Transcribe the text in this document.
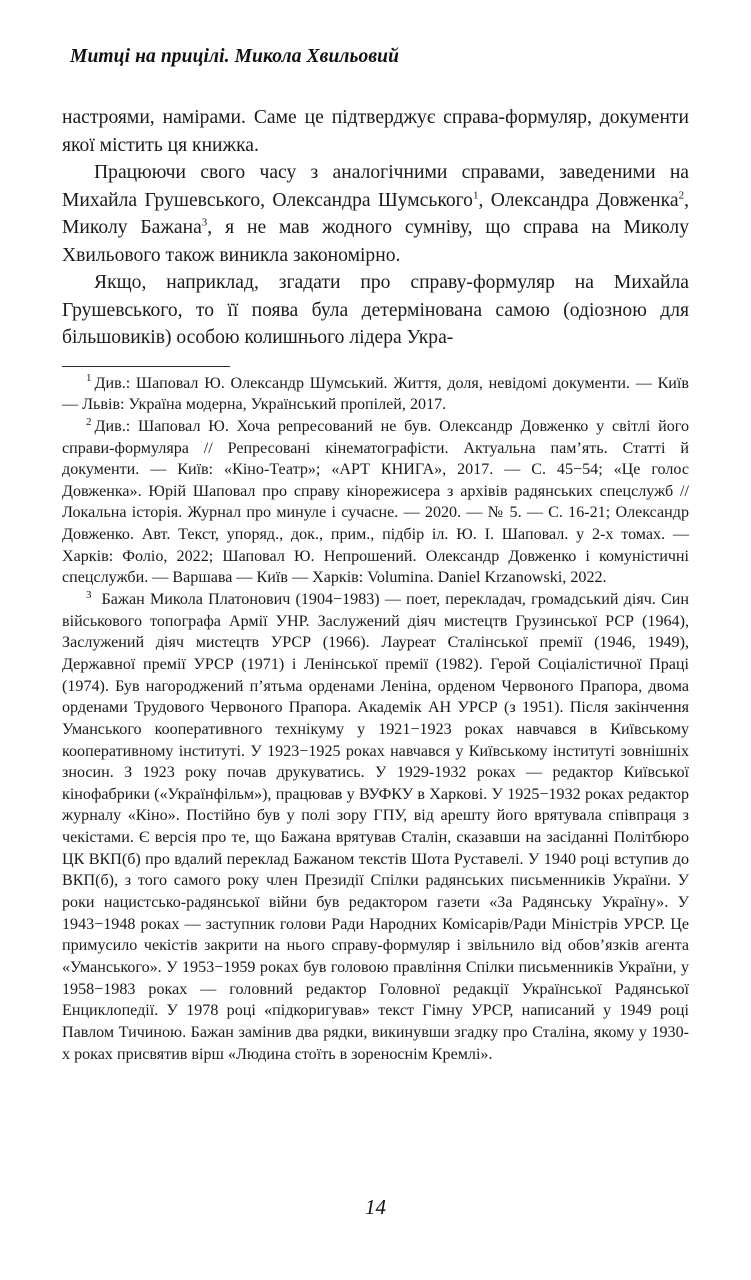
Митці на прицілі. Микола Хвильовий

настроями, намірами. Саме це підтверджує справа-формуляр, документи якої містить ця книжка.

Працюючи свого часу з аналогічними справами, заведеними на Михайла Грушевського, Олександра Шумського$^1$, Олександра Довженка$^2$, Миколу Бажана$^3$, я не мав жодного сумніву, що справа на Миколу Хвильового також виникла закономірно.

Якщо, наприклад, згадати про справу-формуляр на Михайла Грушевського, то її поява була детермінована самою (одіозною для більшовиків) особою колишнього лідера Укра-

$^1$ Див.: Шаповал Ю. Олександр Шумський. Життя, доля, невідомі документи. — Київ — Львів: Україна модерна, Український пропілей, 2017.

$^2$ Див.: Шаповал Ю. Хоча репресований не був. Олександр Довженко у світлі його справи-формуляра // Репресовані кінематографісти. Актуальна пам’ять. Статті й документи. — Київ: «Кіно-Театр»; «АРТ КНИГА», 2017. — С. 45−54; «Це голос Довженка». Юрій Шаповал про справу кінорежисера з архівів радянських спецслужб // Локальна історія. Журнал про минуле і сучасне. — 2020. — № 5. — С. 16-21; Олександр Довженко. Авт. Текст, упоряд., док., прим., підбір іл. Ю. І. Шаповал. у 2-х томах. — Харків: Фоліо, 2022; Шаповал Ю. Непрошений. Олександр Довженко і комуністичні спецслужби. — Варшава — Київ — Харків: Volumina. Daniel Krzanowski, 2022.

$^3$ Бажан Микола Платонович (1904−1983) — поет, перекладач, громадський діяч. Син військового топографа Армії УНР. Заслужений діяч мистецтв Грузинської РСР (1964), Заслужений діяч мистецтв УРСР (1966). Лауреат Сталінської премії (1946, 1949), Державної премії УРСР (1971) і Ленінської премії (1982). Герой Соціалістичної Праці (1974). Був нагороджений п’ятьма орденами Леніна, орденом Червоного Прапора, двома орденами Трудового Червоного Прапора. Академік АН УРСР (з 1951). Після закінчення Уманського кооперативного технікуму у 1921−1923 роках навчався в Київському кооперативному інституті. У 1923−1925 роках навчався у Київському інституті зовнішніх зносин. З 1923 року почав друкуватись. У 1929-1932 роках — редактор Київської кінофабрики («Українфільм»), працював у ВУФКУ в Харкові. У 1925−1932 роках редактор журналу «Кіно». Постійно був у полі зору ГПУ, від арешту його врятувала співпраця з чекістами. Є версія про те, що Бажана врятував Сталін, сказавши на засіданні Політбюро ЦК ВКП(б) про вдалий переклад Бажаном текстів Шота Руставелі. У 1940 році вступив до ВКП(б), з того самого року член Президії Спілки радянських письменників України. У роки нацистсько-радянської війни був редактором газети «За Радянську Україну». У 1943−1948 роках — заступник голови Ради Народних Комісарів/Ради Міністрів УРСР. Це примусило чекістів закрити на нього справу-формуляр і звільнило від обов’язків агента «Уманського». У 1953−1959 роках був головою правління Спілки письменників України, у 1958−1983 роках — головний редактор Головної редакції Української Радянської Енциклопедії. У 1978 році «підкоригував» текст Гімну УРСР, написаний у 1949 році Павлом Тичиною. Бажан замінив два рядки, викинувши згадку про Сталіна, якому у 1930-х роках присвятив вірш «Людина стоїть в зоренoснім Кремлі».

14
